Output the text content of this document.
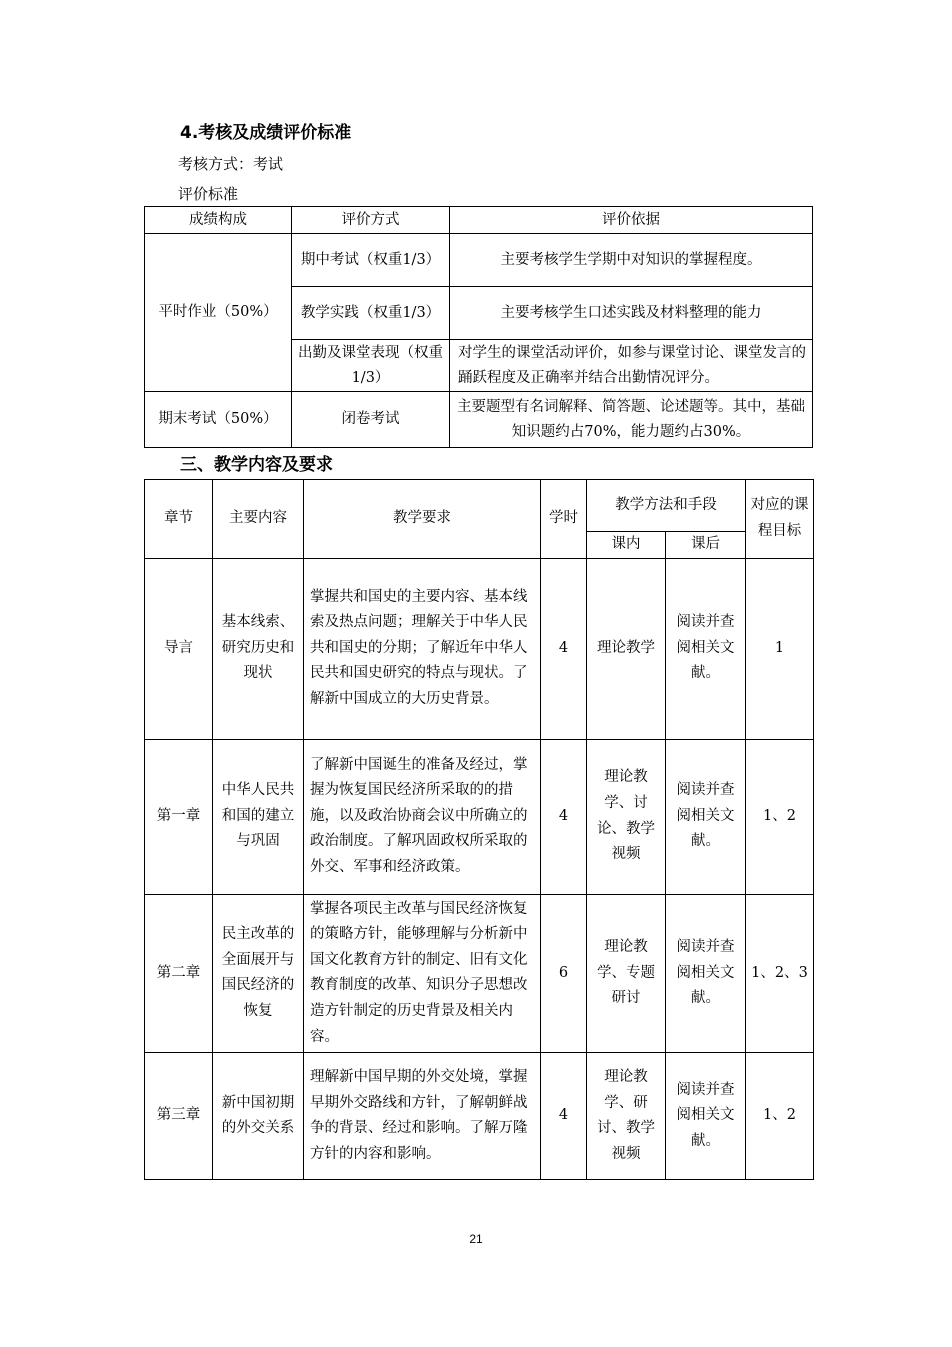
4.考核及成绩评价标准
考核方式：考试
评价标准
成绩构成	评价方式	评价依据
平时作业（50%）	期中考试（权重1/3）	主要考核学生学期中对知识的掌握程度。
	教学实践（权重1/3）	主要考核学生口述实践及材料整理的能力
	出勤及课堂表现（权重1/3）	对学生的课堂活动评价，如参与课堂讨论、课堂发言的踊跃程度及正确率并结合出勤情况评分。
期末考试（50%）	闭卷考试	主要题型有名词解释、简答题、论述题等。其中，基础知识题约占70%，能力题约占30%。
三、教学内容及要求
章节	主要内容	教学要求	学时	教学方法和手段		对应的课程目标
				课内	课后	
导言	基本线索、研究历史和现状	掌握共和国史的主要内容、基本线索及热点问题；理解关于中华人民共和国史的分期；了解近年中华人民共和国史研究的特点与现状。了解新中国成立的大历史背景。	4	理论教学	阅读并查阅相关文献。	1
第一章	中华人民共和国的建立与巩固	了解新中国诞生的准备及经过，掌握为恢复国民经济所采取的的措施，以及政治协商会议中所确立的政治制度。了解巩固政权所采取的外交、军事和经济政策。	4	理论教学、讨论、教学视频	阅读并查阅相关文献。	1、2
第二章	民主改革的全面展开与国民经济的恢复	掌握各项民主改革与国民经济恢复的策略方针，能够理解与分析新中国文化教育方针的制定、旧有文化教育制度的改革、知识分子思想改造方针制定的历史背景及相关内容。	6	理论教学、专题研讨	阅读并查阅相关文献。	1、2、3
第三章	新中国初期的外交关系	理解新中国早期的外交处境，掌握早期外交路线和方针，了解朝鲜战争的背景、经过和影响。了解万隆方针的内容和影响。	4	理论教学、研讨、教学视频	阅读并查阅相关文献。	1、2
21
